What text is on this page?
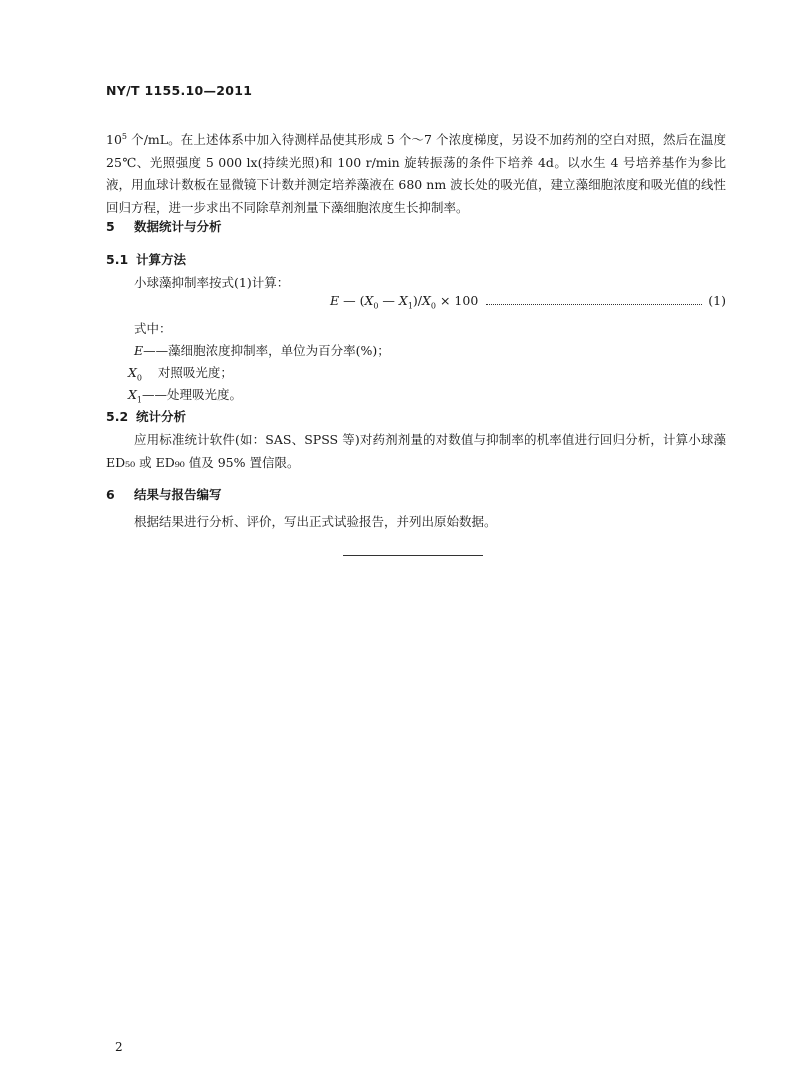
NY/T 1155.10—2011
$10^5$ 个/mL。在上述体系中加入待测样品使其形成 5 个～7 个浓度梯度，另设不加药剂的空白对照，然后在温度 25℃、光照强度 5 000 lx(持续光照)和 100 r/min 旋转振荡的条件下培养 4d。以水生 4 号培养基作为参比液，用血球计数板在显微镜下计数并测定培养藻液在 680 nm 波长处的吸光值，建立藻细胞浓度和吸光值的线性回归方程，进一步求出不同除草剂剂量下藻细胞浓度生长抑制率。
5 数据统计与分析
5.1 计算方法
小球藻抑制率按式(1)计算：
E — ($X_0$ — $X_1)/X_0 \times 100$	(1)
式中：
E——藻细胞浓度抑制率，单位为百分率(%)；
$X_0$    对照吸光度；
$X_1——$处理吸光度。
5.2 统计分析
应用标准统计软件(如：SAS、SPSS 等)对药剂剂量的对数值与抑制率的机率值进行回归分析，计算小球藻 ED₅₀ 或 ED₉₀ 值及 95% 置信限。
6 结果与报告编写
根据结果进行分析、评价，写出正式试验报告，并列出原始数据。
2
